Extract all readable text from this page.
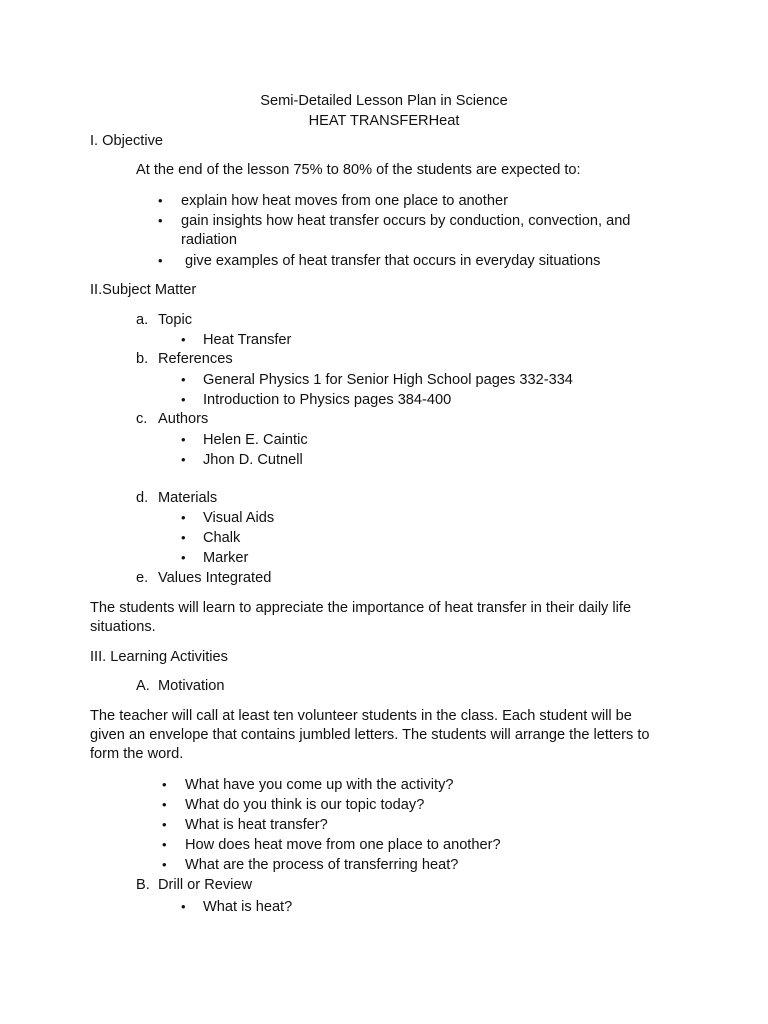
Semi-Detailed Lesson Plan in Science
HEAT TRANSFERHeat
I. Objective
At the end of the lesson 75% to 80% of the students are expected to:
• explain how heat moves from one place to another
• gain insights how heat transfer occurs by conduction, convection, and
radiation
• give examples of heat transfer that occurs in everyday situations
II.Subject Matter
a. Topic
• Heat Transfer
b. References
• General Physics 1 for Senior High School pages 332-334
• Introduction to Physics pages 384-400
c. Authors
• Helen E. Caintic
• Jhon D. Cutnell
d. Materials
• Visual Aids
• Chalk
• Marker
e. Values Integrated
The students will learn to appreciate the importance of heat transfer in their daily life
situations.
III. Learning Activities
A. Motivation
The teacher will call at least ten volunteer students in the class. Each student will be
given an envelope that contains jumbled letters. The students will arrange the letters to
form the word.
• What have you come up with the activity?
• What do you think is our topic today?
• What is heat transfer?
• How does heat move from one place to another?
• What are the process of transferring heat?
B. Drill or Review
• What is heat?
